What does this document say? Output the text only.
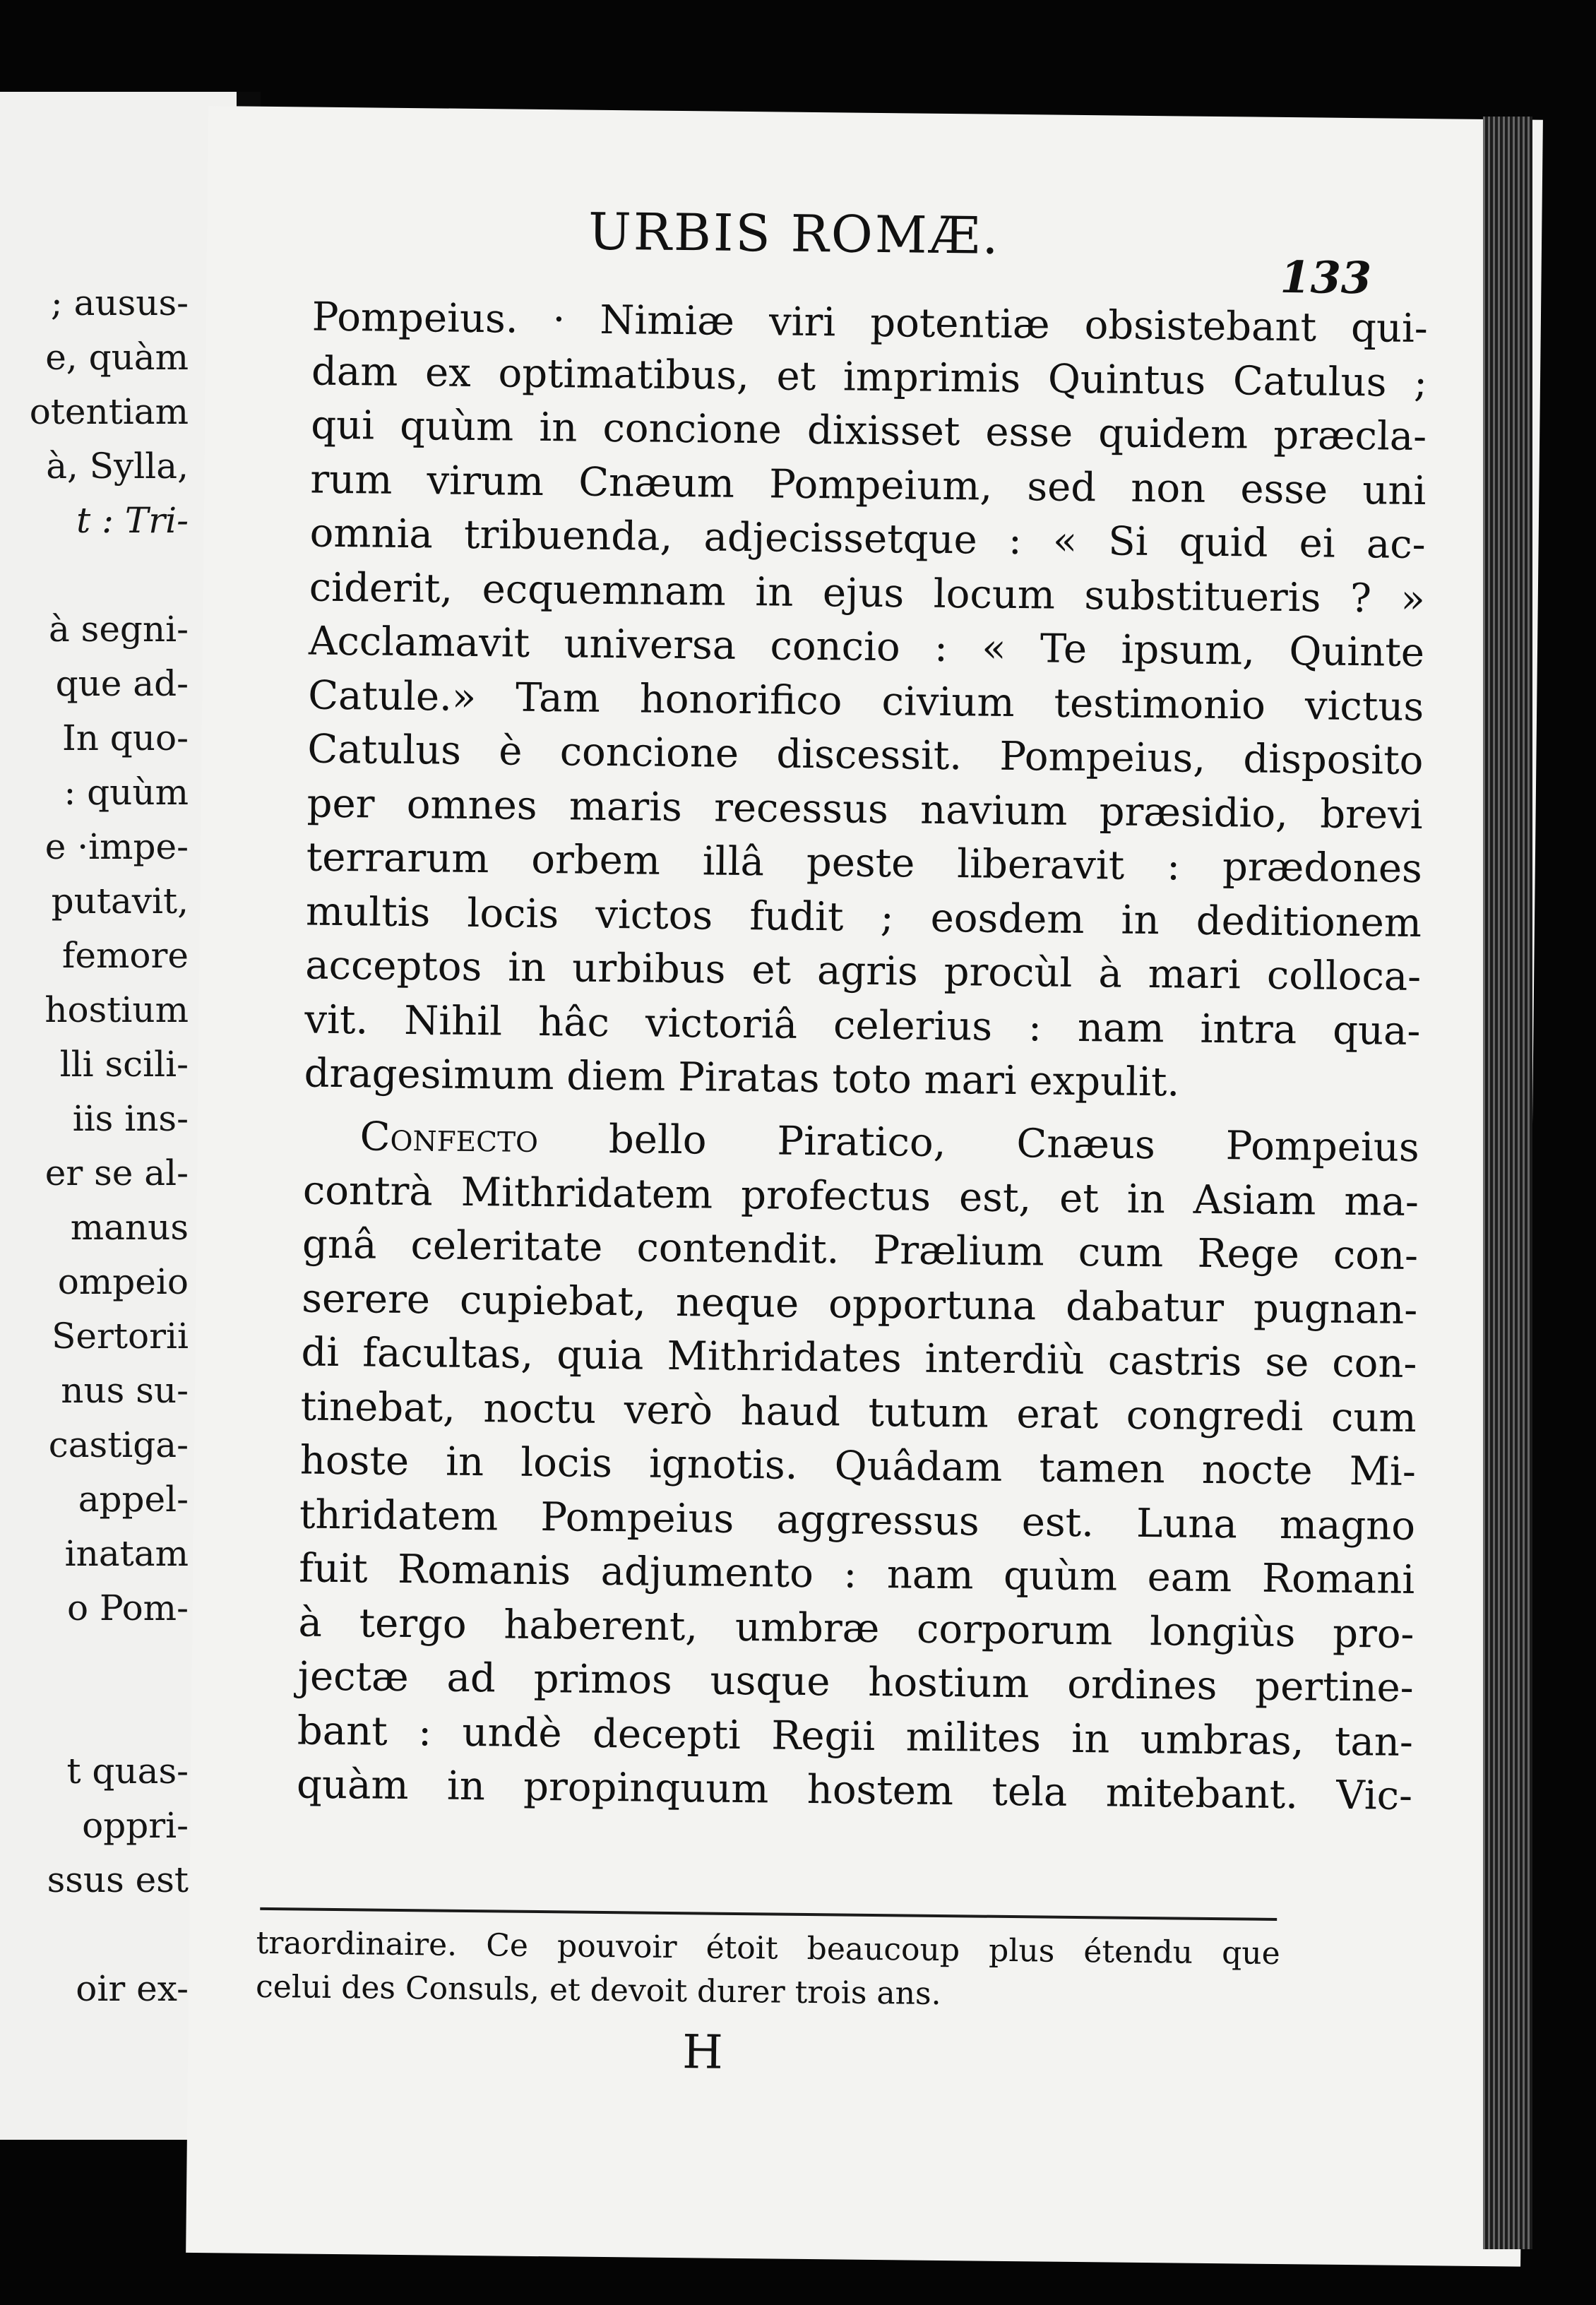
; ausus-
e, quàm
otentiam
à, Sylla,
t : Tri-
à segni-
que ad-
In quo-
: quùm
e ·impe-
putavit,
femore
hostium
lli scili-
iis ins-
er se al-
manus
ompeio
Sertorii
nus su-
castiga-
appel-
inatam
o Pom-
t quas-
oppri-
ssus est
oir ex-
URBIS ROMÆ.
133
Pompeius. · Nimiæ viri potentiæ obsistebant qui-
dam ex optimatibus, et imprimis Quintus Catulus ;
qui quùm in concione dixisset esse quidem præcla-
rum virum Cnæum Pompeium, sed non esse uni
omnia tribuenda, adjecissetque : « Si quid ei ac-
ciderit, ecquemnam in ejus locum substitueris ? »
Acclamavit universa concio : « Te ipsum, Quinte
Catule.» Tam honorifico civium testimonio victus
Catulus è concione discessit. Pompeius, disposito
per omnes maris recessus navium præsidio, brevi
terrarum orbem illâ peste liberavit : prædones
multis locis victos fudit ; eosdem in deditionem
acceptos in urbibus et agris procùl à mari colloca-
vit. Nihil hâc victoriâ celerius : nam intra qua-
dragesimum diem Piratas toto mari expulit.
Confecto bello Piratico, Cnæus Pompeius
contrà Mithridatem profectus est, et in Asiam ma-
gnâ celeritate contendit. Prælium cum Rege con-
serere cupiebat, neque opportuna dabatur pugnan-
di facultas, quia Mithridates interdiù castris se con-
tinebat, noctu verò haud tutum erat congredi cum
hoste in locis ignotis. Quâdam tamen nocte Mi-
thridatem Pompeius aggressus est. Luna magno
fuit Romanis adjumento : nam quùm eam Romani
à tergo haberent, umbræ corporum longiùs pro-
jectæ ad primos usque hostium ordines pertine-
bant : undè decepti Regii milites in umbras, tan-
quàm in propinquum hostem tela mitebant. Vic-
traordinaire. Ce pouvoir étoit beaucoup plus étendu que
celui des Consuls, et devoit durer trois ans.
H
